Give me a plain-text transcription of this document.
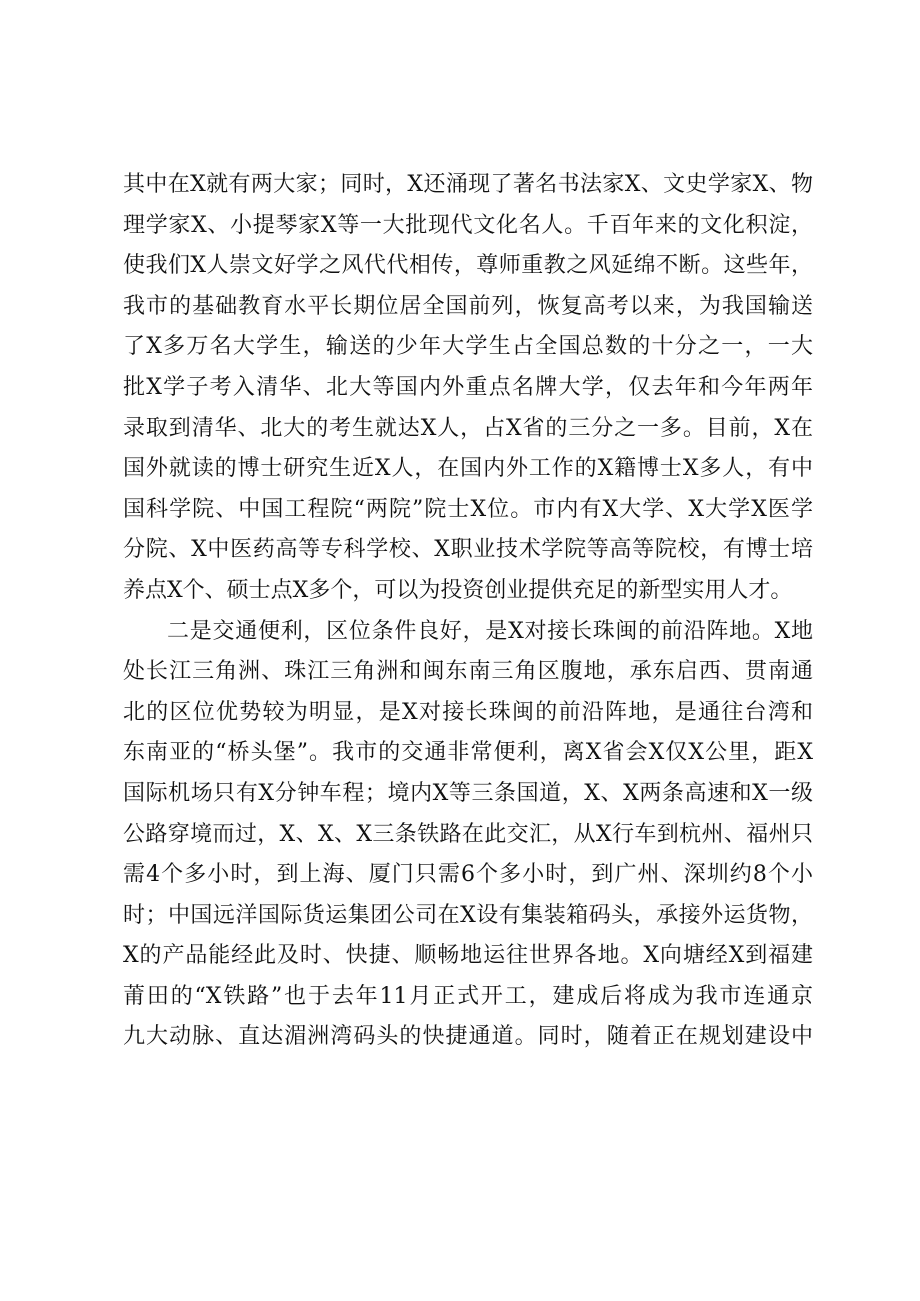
其中在X就有两大家；同时，X还涌现了著名书法家X、文史学家X、物
理学家X、小提琴家X等一大批现代文化名人。千百年来的文化积淀，
使我们X人崇文好学之风代代相传，尊师重教之风延绵不断。这些年，
我市的基础教育水平长期位居全国前列，恢复高考以来，为我国输送
了X多万名大学生，输送的少年大学生占全国总数的十分之一，一大
批X学子考入清华、北大等国内外重点名牌大学，仅去年和今年两年
录取到清华、北大的考生就达X人，占X省的三分之一多。目前，X在
国外就读的博士研究生近X人，在国内外工作的X籍博士X多人，有中
国科学院、中国工程院“两院”院士X位。市内有X大学、X大学X医学
分院、X中医药高等专科学校、X职业技术学院等高等院校，有博士培
养点X个、硕士点X多个，可以为投资创业提供充足的新型实用人才。
二是交通便利，区位条件良好，是X对接长珠闽的前沿阵地。X地
处长江三角洲、珠江三角洲和闽东南三角区腹地，承东启西、贯南通
北的区位优势较为明显，是X对接长珠闽的前沿阵地，是通往台湾和
东南亚的“桥头堡”。我市的交通非常便利，离X省会X仅X公里，距X
国际机场只有X分钟车程；境内X等三条国道，X、X两条高速和X一级
公路穿境而过，X、X、X三条铁路在此交汇，从X行车到杭州、福州只
需4个多小时，到上海、厦门只需6个多小时，到广州、深圳约8个小
时；中国远洋国际货运集团公司在X设有集装箱码头，承接外运货物，
X的产品能经此及时、快捷、顺畅地运往世界各地。X向塘经X到福建
莆田的“X铁路”也于去年11月正式开工，建成后将成为我市连通京
九大动脉、直达湄洲湾码头的快捷通道。同时，随着正在规划建设中
